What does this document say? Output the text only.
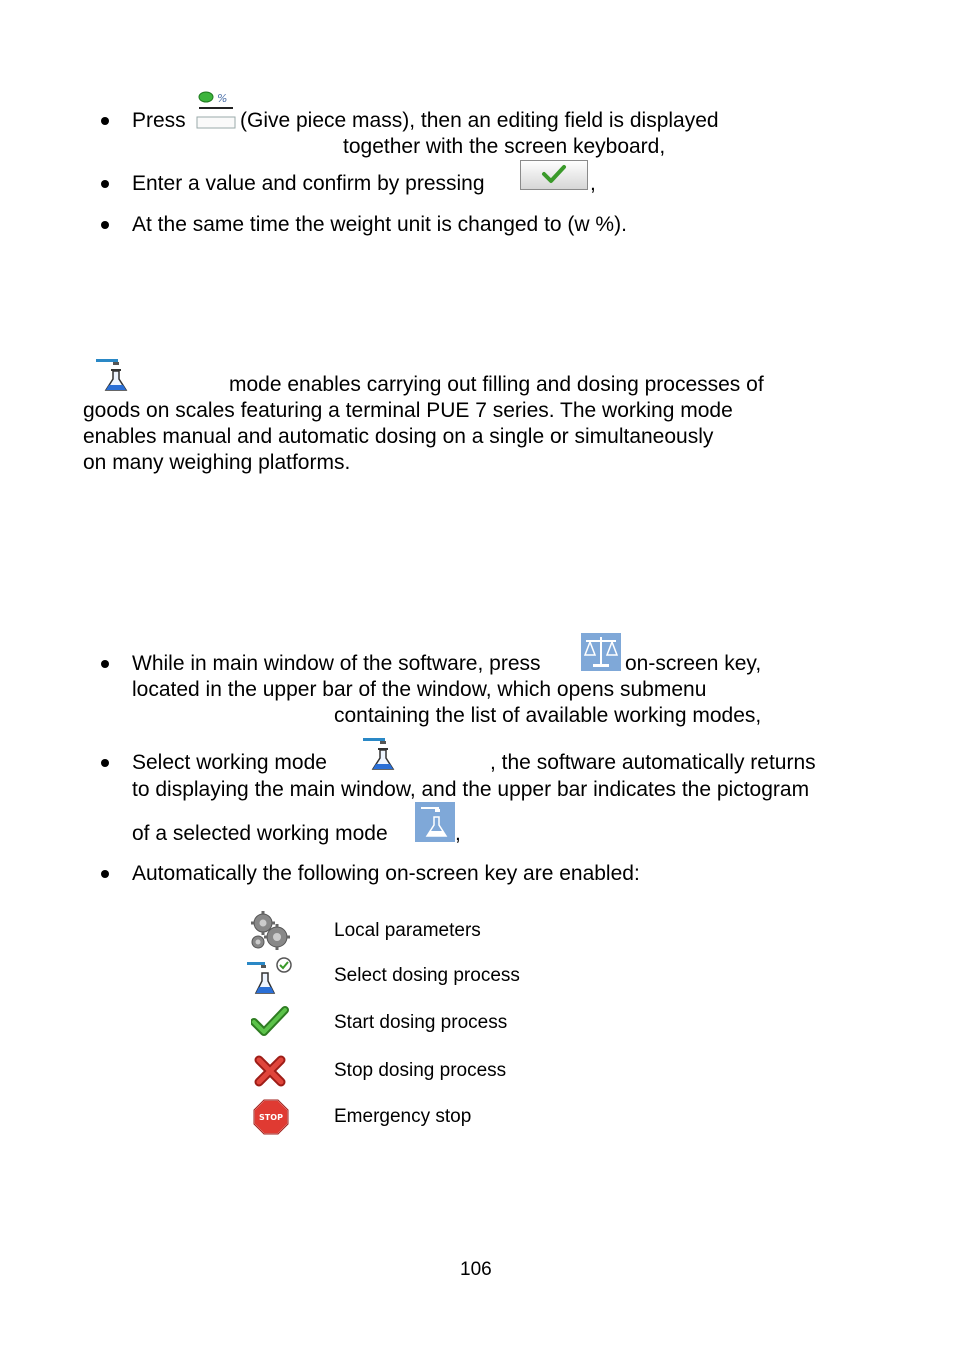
Press
%
(Give piece mass), then an editing field is displayed
together with the screen keyboard,
Enter a value and confirm by pressing	,
At the same time the weight unit is changed to (w %).
mode enables carrying out filling and dosing processes of
goods on scales featuring a terminal PUE 7 series. The working mode
enables manual and automatic dosing on a single or simultaneously
on many weighing platforms.
While in main window of the software, press	on-screen key,
located in the upper bar of the window, which opens submenu
containing the list of available working modes,
Select working mode	, the software automatically returns
to displaying the main window, and the upper bar indicates the pictogram
of a selected working mode	,
Automatically the following on-screen key are enabled:
Local parameters
Select dosing process
Start dosing process
Stop dosing process
STOP	Emergency stop
106
